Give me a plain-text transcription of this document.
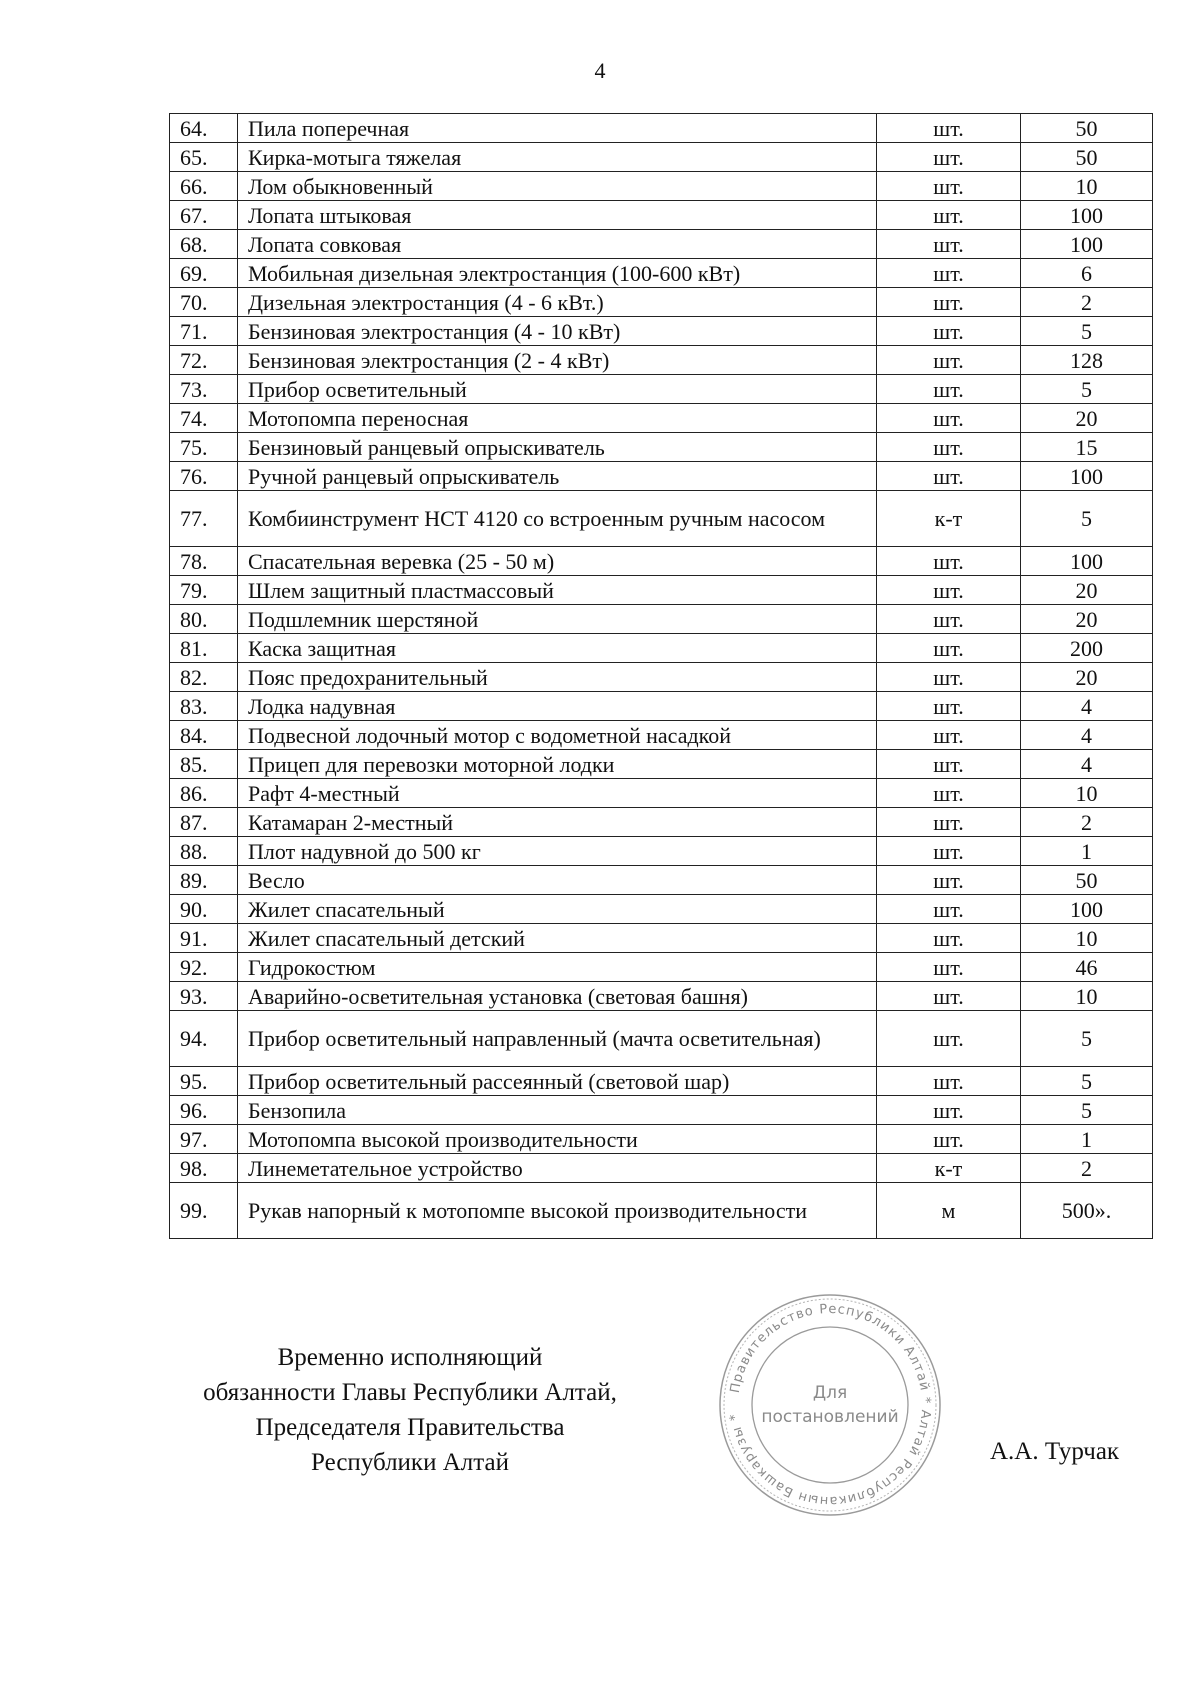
4
64.	Пила поперечная	шт.	50
65.	Кирка-мотыга тяжелая	шт.	50
66.	Лом обыкновенный	шт.	10
67.	Лопата штыковая	шт.	100
68.	Лопата совковая	шт.	100
69.	Мобильная дизельная электростанция (100-600 кВт)	шт.	6
70.	Дизельная электростанция (4 - 6 кВт.)	шт.	2
71.	Бензиновая электростанция (4 - 10 кВт)	шт.	5
72.	Бензиновая электростанция (2 - 4 кВт)	шт.	128
73.	Прибор осветительный	шт.	5
74.	Мотопомпа переносная	шт.	20
75.	Бензиновый ранцевый опрыскиватель	шт.	15
76.	Ручной ранцевый опрыскиватель	шт.	100
77.	Комбиинструмент НСТ 4120 со встроенным ручным насосом	к-т	5
78.	Спасательная веревка (25 - 50 м)	шт.	100
79.	Шлем защитный пластмассовый	шт.	20
80.	Подшлемник шерстяной	шт.	20
81.	Каска защитная	шт.	200
82.	Пояс предохранительный	шт.	20
83.	Лодка надувная	шт.	4
84.	Подвесной лодочный мотор с водометной насадкой	шт.	4
85.	Прицеп для перевозки моторной лодки	шт.	4
86.	Рафт 4-местный	шт.	10
87.	Катамаран 2-местный	шт.	2
88.	Плот надувной до 500 кг	шт.	1
89.	Весло	шт.	50
90.	Жилет спасательный	шт.	100
91.	Жилет спасательный детский	шт.	10
92.	Гидрокостюм	шт.	46
93.	Аварийно-осветительная установка (световая башня)	шт.	10
94.	Прибор осветительный направленный (мачта осветительная)	шт.	5
95.	Прибор осветительный рассеянный (световой шар)	шт.	5
96.	Бензопила	шт.	5
97.	Мотопомпа высокой производительности	шт.	1
98.	Линеметательное устройство	к-т	2
99.	Рукав напорный к мотопомпе высокой производительности	м	500».
Временно исполняющий
обязанности Главы Республики Алтай,
Председателя Правительства
Республики Алтай
Правительство Республики Алтай * Алтай Республиканын Башкарузы *
Для
постановлений
А.А. Турчак
